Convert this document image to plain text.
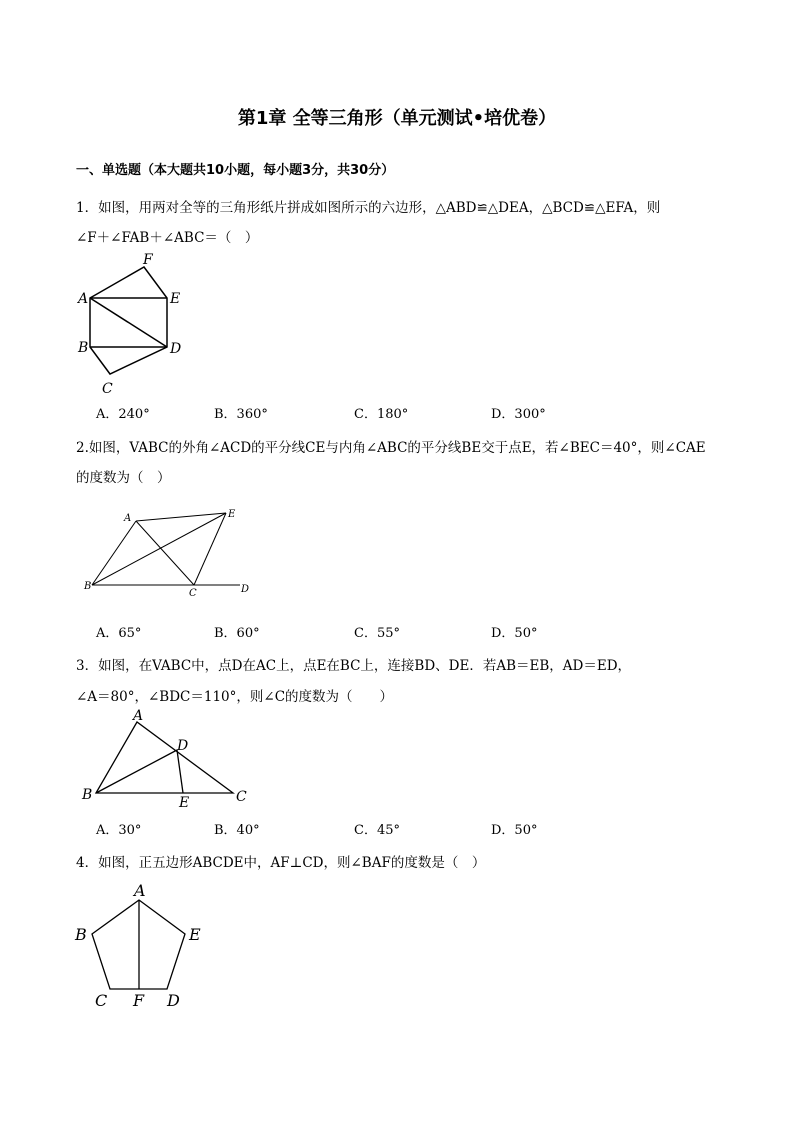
第1章 全等三角形（单元测试•培优卷）
一、单选题（本大题共10小题，每小题3分，共30分）
1．如图，用两对全等的三角形纸片拼成如图所示的六边形，△ABD≌△DEA，△BCD≌△EFA，则
∠F＋∠FAB＋∠ABC＝（　）
F
A	E
B	D
C
A．240°	B．360°	C．180°	D．300°
2.如图，VABC的外角∠ACD的平分线CE与内角∠ABC的平分线BE交于点E，若∠BEC＝40°，则∠CAE
的度数为（　）
A	E
B
C	D
A．65°	B．60°	C．55°	D．50°
3．如图，在VABC中，点D在AC上，点E在BC上，连接BD、DE．若AB＝EB，AD＝ED，
∠A＝80°，∠BDC＝110°，则∠C的度数为（　　）
A
D
B	E	C
A．30°	B．40°	C．45°	D．50°
4．如图，正五边形ABCDE中，AF⊥CD，则∠BAF的度数是（　）
A
B	E
C F D
